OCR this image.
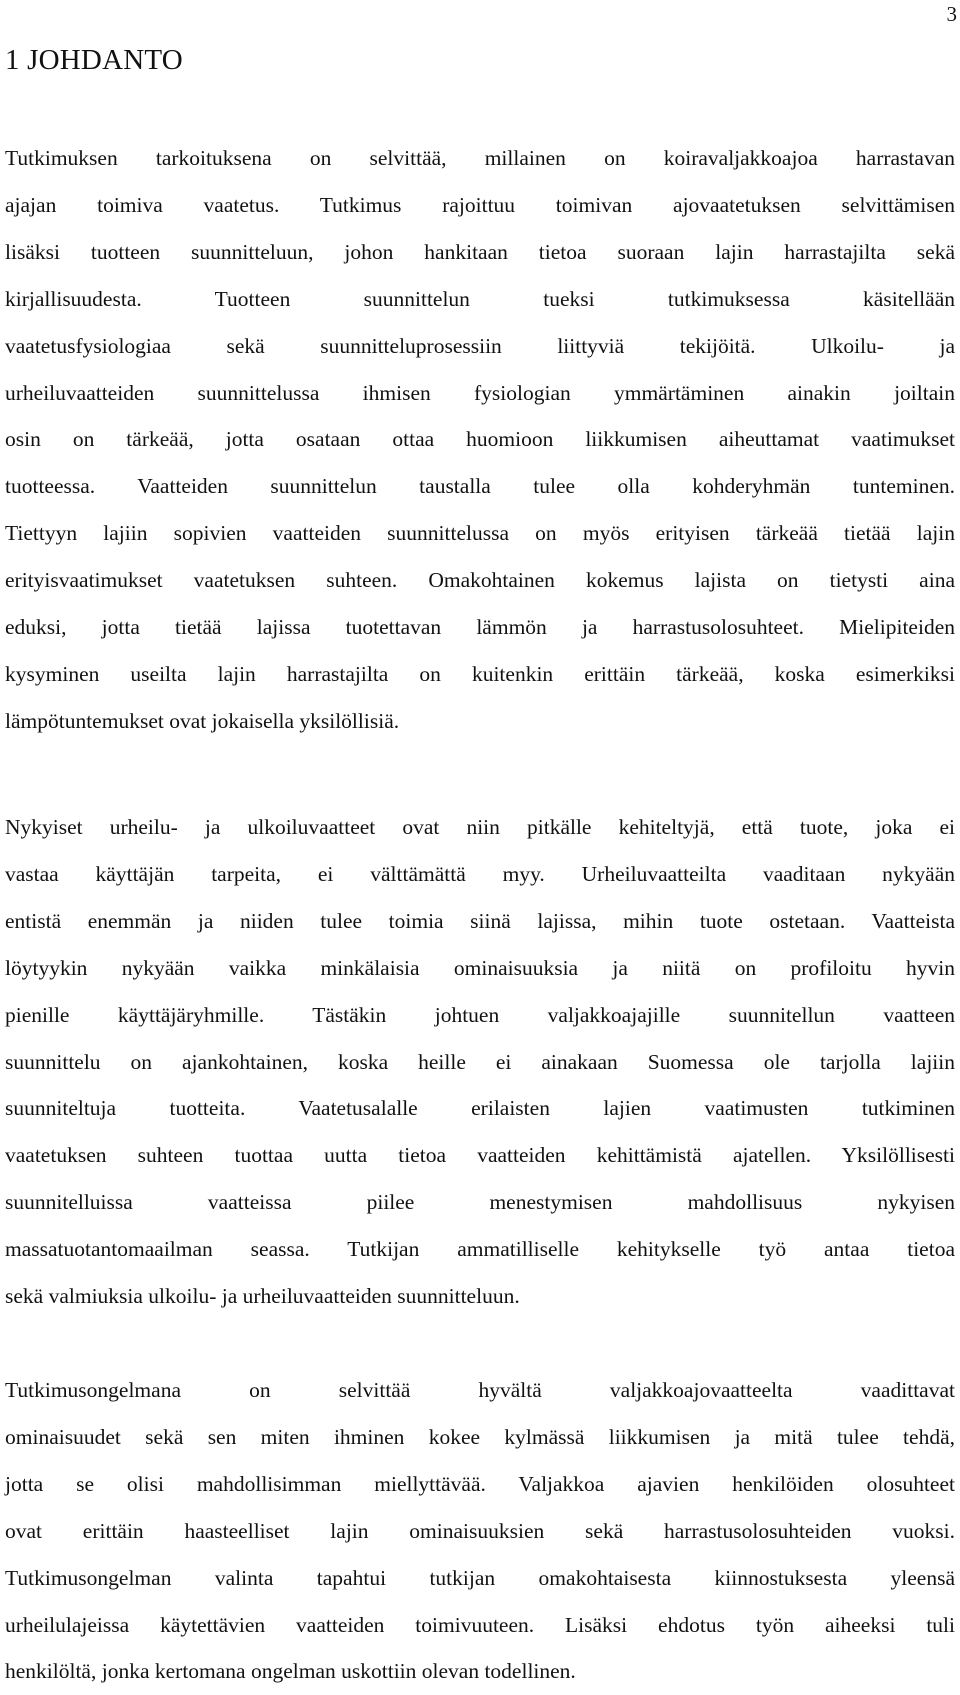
3
1 JOHDANTO
Tutkimuksen tarkoituksena on selvittää, millainen on koiravaljakkoajoa harrastavan
ajajan toimiva vaatetus. Tutkimus rajoittuu toimivan ajovaatetuksen selvittämisen
lisäksi tuotteen suunnitteluun, johon hankitaan tietoa suoraan lajin harrastajilta sekä
kirjallisuudesta. Tuotteen suunnittelun tueksi tutkimuksessa käsitellään
vaatetusfysiologiaa sekä suunnitteluprosessiin liittyviä tekijöitä. Ulkoilu- ja
urheiluvaatteiden suunnittelussa ihmisen fysiologian ymmärtäminen ainakin joiltain
osin on tärkeää, jotta osataan ottaa huomioon liikkumisen aiheuttamat vaatimukset
tuotteessa. Vaatteiden suunnittelun taustalla tulee olla kohderyhmän tunteminen.
Tiettyyn lajiin sopivien vaatteiden suunnittelussa on myös erityisen tärkeää tietää lajin
erityisvaatimukset vaatetuksen suhteen. Omakohtainen kokemus lajista on tietysti aina
eduksi, jotta tietää lajissa tuotettavan lämmön ja harrastusolosuhteet. Mielipiteiden
kysyminen useilta lajin harrastajilta on kuitenkin erittäin tärkeää, koska esimerkiksi
lämpötuntemukset ovat jokaisella yksilöllisiä.
Nykyiset urheilu- ja ulkoiluvaatteet ovat niin pitkälle kehiteltyjä, että tuote, joka ei
vastaa käyttäjän tarpeita, ei välttämättä myy. Urheiluvaatteilta vaaditaan nykyään
entistä enemmän ja niiden tulee toimia siinä lajissa, mihin tuote ostetaan. Vaatteista
löytyykin nykyään vaikka minkälaisia ominaisuuksia ja niitä on profiloitu hyvin
pienille käyttäjäryhmille. Tästäkin johtuen valjakkoajajille suunnitellun vaatteen
suunnittelu on ajankohtainen, koska heille ei ainakaan Suomessa ole tarjolla lajiin
suunniteltuja tuotteita. Vaatetusalalle erilaisten lajien vaatimusten tutkiminen
vaatetuksen suhteen tuottaa uutta tietoa vaatteiden kehittämistä ajatellen. Yksilöllisesti
suunnitelluissa vaatteissa piilee menestymisen mahdollisuus nykyisen
massatuotantomaailman seassa. Tutkijan ammatilliselle kehitykselle työ antaa tietoa
sekä valmiuksia ulkoilu- ja urheiluvaatteiden suunnitteluun.
Tutkimusongelmana on selvittää hyvältä valjakkoajovaatteelta vaadittavat
ominaisuudet sekä sen miten ihminen kokee kylmässä liikkumisen ja mitä tulee tehdä,
jotta se olisi mahdollisimman miellyttävää. Valjakkoa ajavien henkilöiden olosuhteet
ovat erittäin haasteelliset lajin ominaisuuksien sekä harrastusolosuhteiden vuoksi.
Tutkimusongelman valinta tapahtui tutkijan omakohtaisesta kiinnostuksesta yleensä
urheilulajeissa käytettävien vaatteiden toimivuuteen. Lisäksi ehdotus työn aiheeksi tuli
henkilöltä, jonka kertomana ongelman uskottiin olevan todellinen.
